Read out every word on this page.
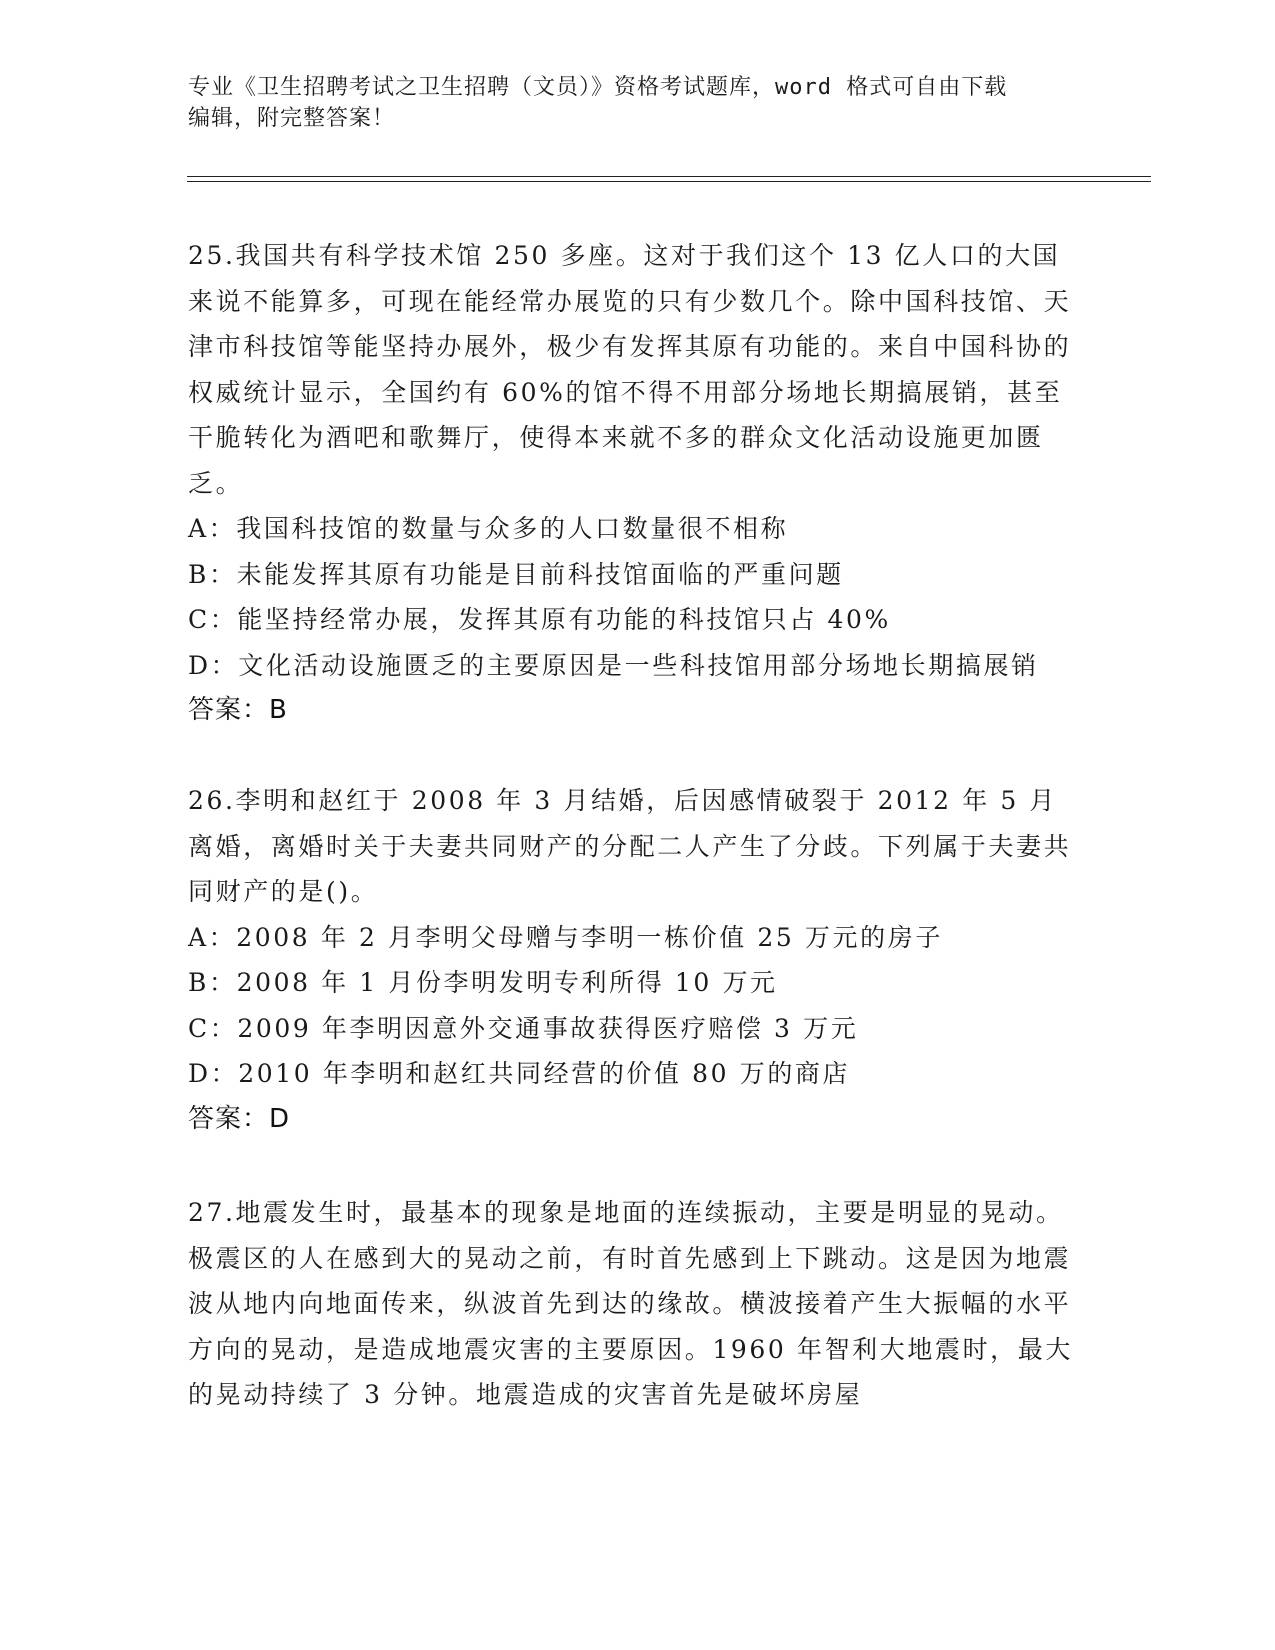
专业《卫生招聘考试之卫生招聘（文员）》资格考试题库，word 格式可自由下载
编辑，附完整答案！
25.我国共有科学技术馆 250 多座。这对于我们这个 13 亿人口的大国来说不能算多，可现在能经常办展览的只有少数几个。除中国科技馆、天津市科技馆等能坚持办展外，极少有发挥其原有功能的。来自中国科协的权威统计显示，全国约有 60%的馆不得不用部分场地长期搞展销，甚至干脆转化为酒吧和歌舞厅，使得本来就不多的群众文化活动设施更加匮乏。
A：我国科技馆的数量与众多的人口数量很不相称
B：未能发挥其原有功能是目前科技馆面临的严重问题
C：能坚持经常办展，发挥其原有功能的科技馆只占 40%
D：文化活动设施匮乏的主要原因是一些科技馆用部分场地长期搞展销
答案：B
26.李明和赵红于 2008 年 3 月结婚，后因感情破裂于 2012 年 5 月离婚，离婚时关于夫妻共同财产的分配二人产生了分歧。下列属于夫妻共同财产的是()。
A：2008 年 2 月李明父母赠与李明一栋价值 25 万元的房子
B：2008 年 1 月份李明发明专利所得 10 万元
C：2009 年李明因意外交通事故获得医疗赔偿 3 万元
D：2010 年李明和赵红共同经营的价值 80 万的商店
答案：D
27.地震发生时，最基本的现象是地面的连续振动，主要是明显的晃动。极震区的人在感到大的晃动之前，有时首先感到上下跳动。这是因为地震波从地内向地面传来，纵波首先到达的缘故。横波接着产生大振幅的水平方向的晃动，是造成地震灾害的主要原因。1960 年智利大地震时，最大的晃动持续了 3 分钟。地震造成的灾害首先是破坏房屋
